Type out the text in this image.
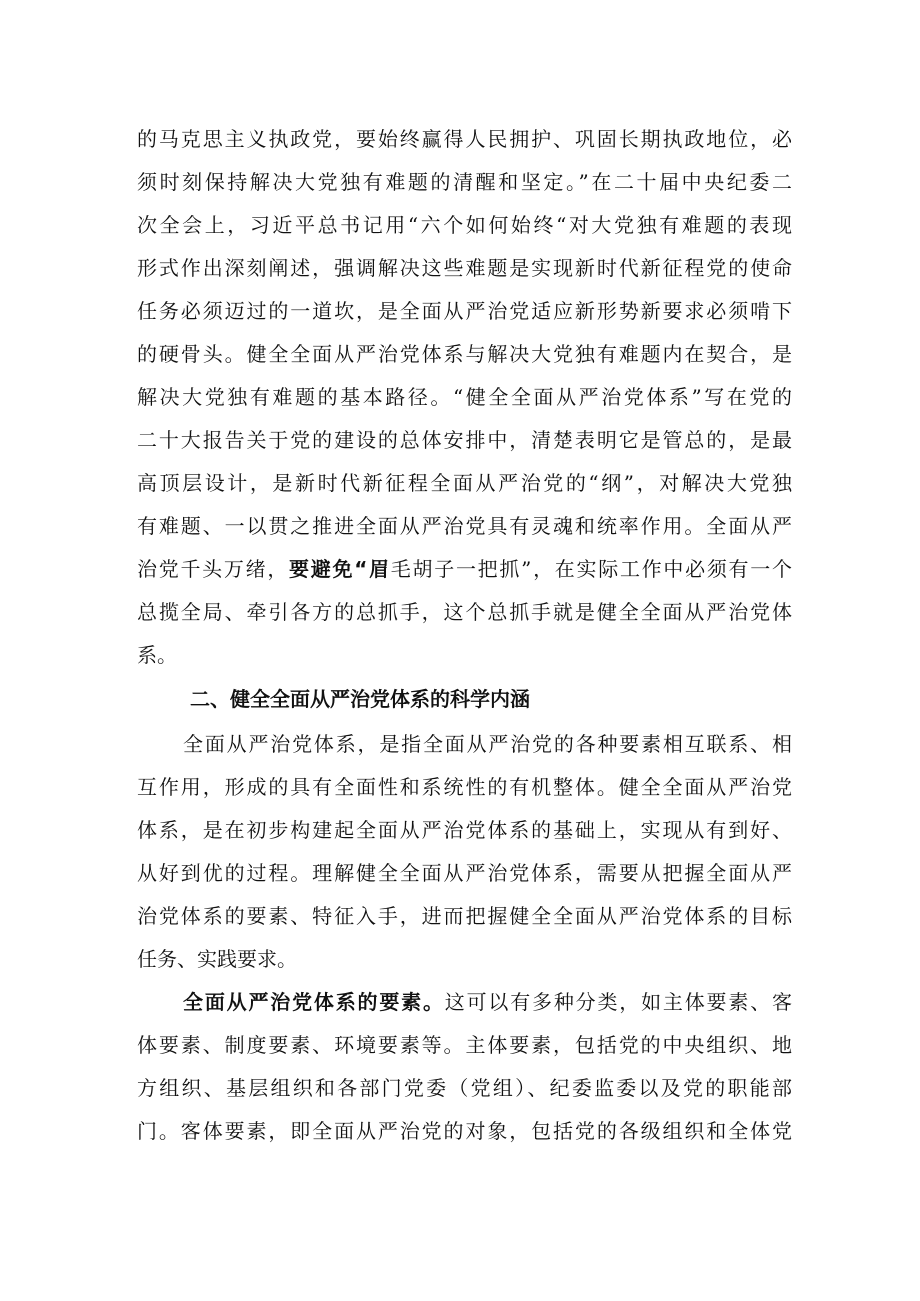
的马克思主义执政党，要始终赢得人民拥护、巩固长期执政地位，必
须时刻保持解决大党独有难题的清醒和坚定。”在二十届中央纪委二
次全会上，习近平总书记用“六个如何始终“对大党独有难题的表现
形式作出深刻阐述，强调解决这些难题是实现新时代新征程党的使命
任务必须迈过的一道坎，是全面从严治党适应新形势新要求必须啃下
的硬骨头。健全全面从严治党体系与解决大党独有难题内在契合，是
解决大党独有难题的基本路径。“健全全面从严治党体系”写在党的
二十大报告关于党的建设的总体安排中，清楚表明它是管总的，是最
高顶层设计，是新时代新征程全面从严治党的“纲”，对解决大党独
有难题、一以贯之推进全面从严治党具有灵魂和统率作用。全面从严
治党千头万绪，要避免“眉毛胡子一把抓”，在实际工作中必须有一个
总揽全局、牵引各方的总抓手，这个总抓手就是健全全面从严治党体
系。
二、健全全面从严治党体系的科学内涵
全面从严治党体系，是指全面从严治党的各种要素相互联系、相
互作用，形成的具有全面性和系统性的有机整体。健全全面从严治党
体系，是在初步构建起全面从严治党体系的基础上，实现从有到好、
从好到优的过程。理解健全全面从严治党体系，需要从把握全面从严
治党体系的要素、特征入手，进而把握健全全面从严治党体系的目标
任务、实践要求。
全面从严治党体系的要素。这可以有多种分类，如主体要素、客
体要素、制度要素、环境要素等。主体要素，包括党的中央组织、地
方组织、基层组织和各部门党委（党组）、纪委监委以及党的职能部
门。客体要素，即全面从严治党的对象，包括党的各级组织和全体党
